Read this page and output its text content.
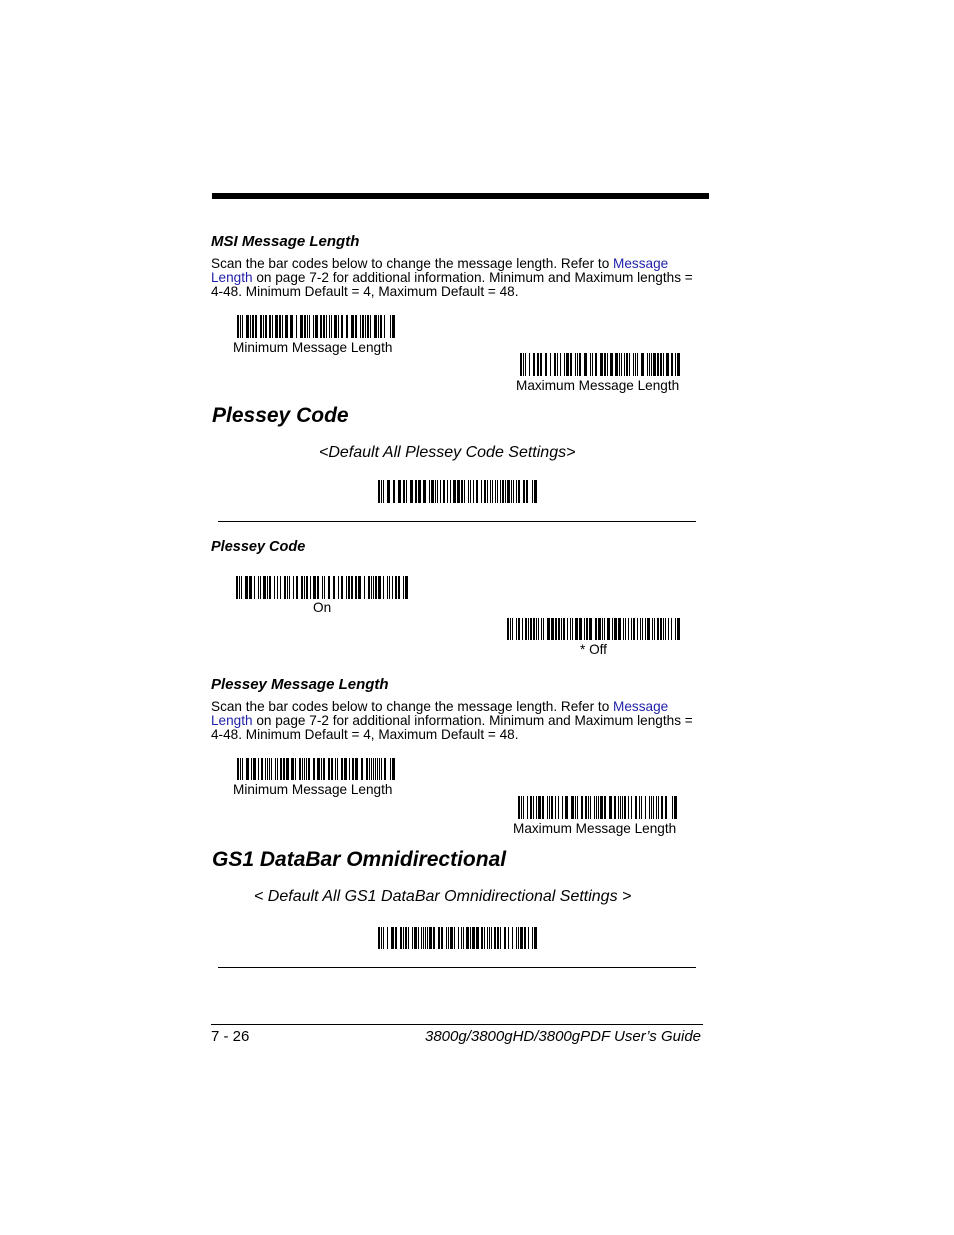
MSI Message Length
Scan the bar codes below to change the message length. Refer to Message Length on page 7-2 for additional information. Minimum and Maximum lengths = 4-48. Minimum Default = 4, Maximum Default = 48.
Minimum Message Length
Maximum Message Length
Plessey Code
<Default All Plessey Code Settings>
Plessey Code
On
* Off
Plessey Message Length
Scan the bar codes below to change the message length. Refer to Message Length on page 7-2 for additional information. Minimum and Maximum lengths = 4-48. Minimum Default = 4, Maximum Default = 48.
Minimum Message Length
Maximum Message Length
GS1 DataBar Omnidirectional
< Default All GS1 DataBar Omnidirectional Settings >
7 - 26	3800g/3800gHD/3800gPDF User’s Guide
